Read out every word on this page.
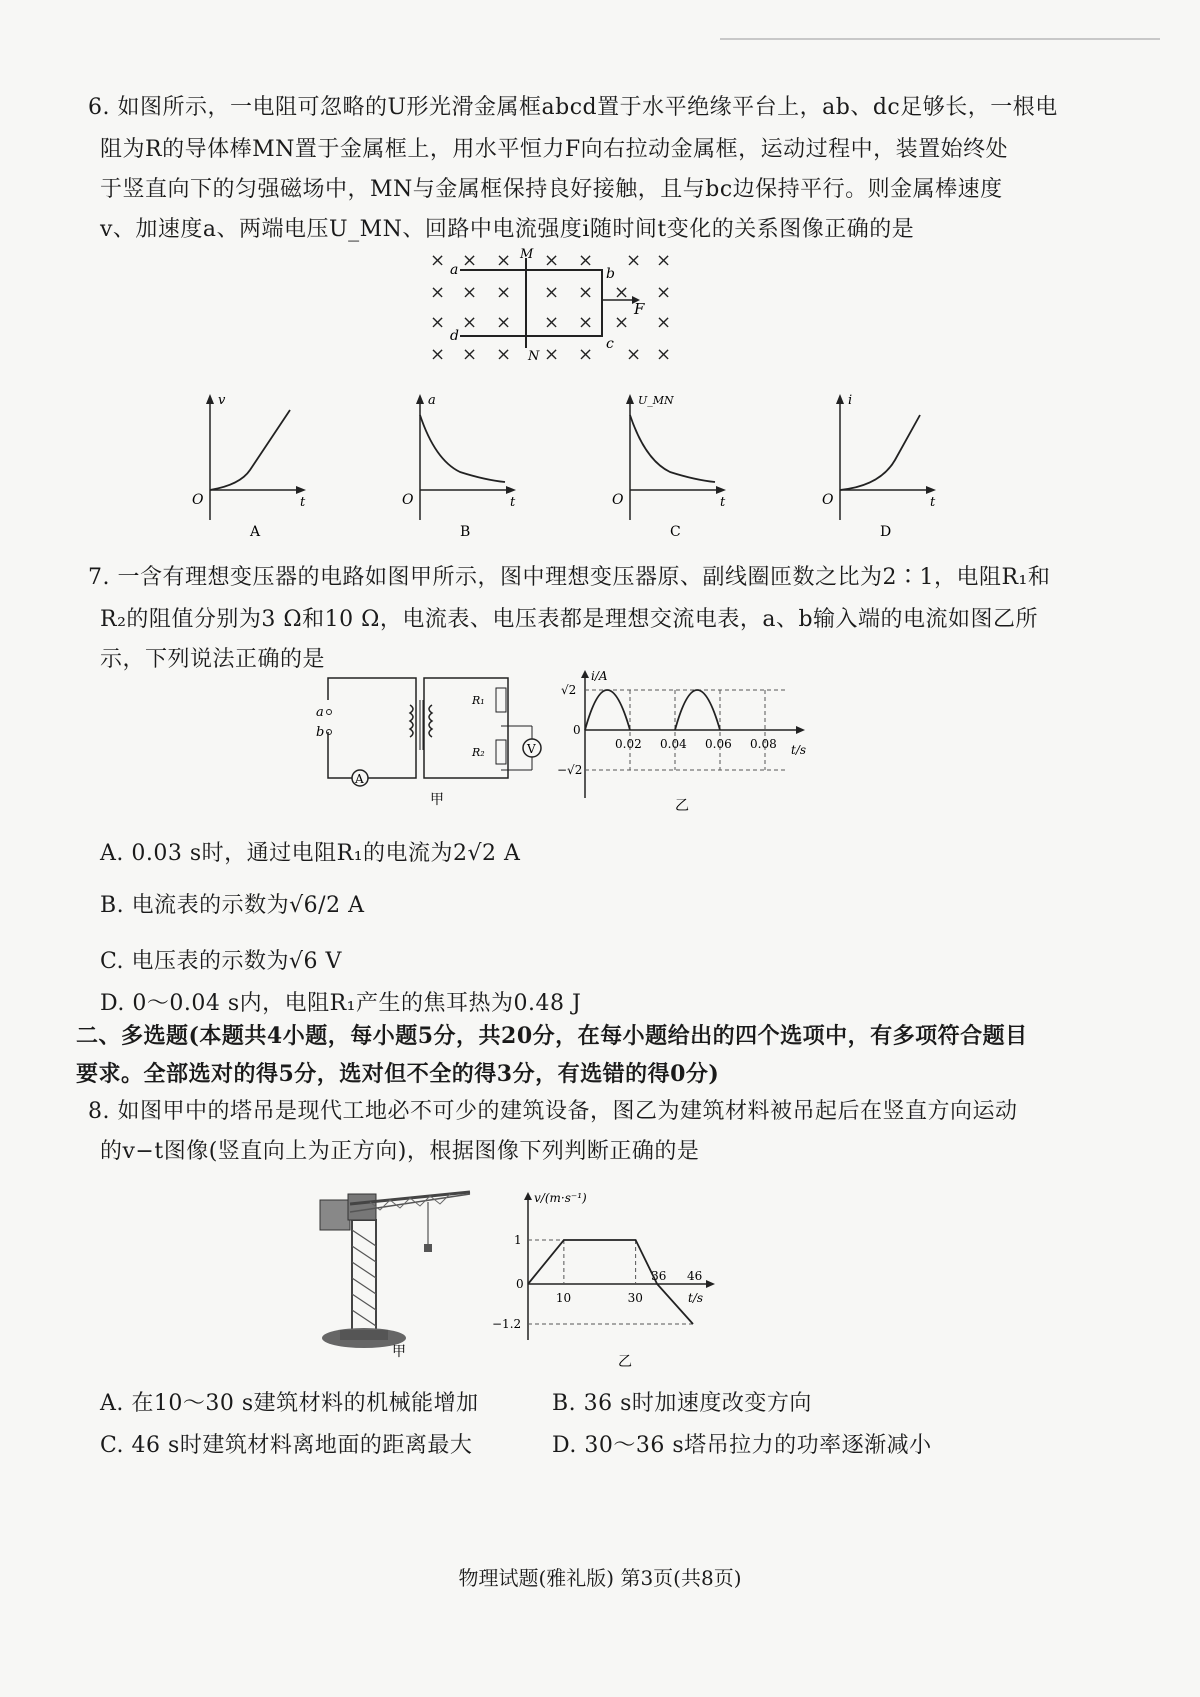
6. 如图所示，一电阻可忽略的U形光滑金属框abcd置于水平绝缘平台上，ab、dc足够长，一根电
阻为R的导体棒MN置于金属框上，用水平恒力F向右拉动金属框，运动过程中，装置始终处
于竖直向下的匀强磁场中，MN与金属框保持良好接触，且与bc边保持平行。则金属棒速度
v、加速度a、两端电压U_MN、回路中电流强度i随时间t变化的关系图像正确的是
× × × × × × ×
× × × × × × ×
× × × × × × ×
× × × × × × ×
a	b
c
d
M
N
F
v
t
O
A
a
t
O
B
U_MN
t
O
C
i
t
O
D
7. 一含有理想变压器的电路如图甲所示，图中理想变压器原、副线圈匝数之比为2∶1，电阻R₁和
R₂的阻值分别为3 Ω和10 Ω，电流表、电压表都是理想交流电表，a、b输入端的电流如图乙所
示，下列说法正确的是
a
b
A
R₁
R₂	V
甲
i/A
t/s
√2
−√2
0
0.02 0.04 0.06 0.08
乙
A. 0.03 s时，通过电阻R₁的电流为2√2 A
B. 电流表的示数为√6/2 A
C. 电压表的示数为√6 V
D. 0～0.04 s内，电阻R₁产生的焦耳热为0.48 J
二、多选题(本题共4小题，每小题5分，共20分，在每小题给出的四个选项中，有多项符合题目
要求。全部选对的得5分，选对但不全的得3分，有选错的得0分)
8. 如图甲中的塔吊是现代工地必不可少的建筑设备，图乙为建筑材料被吊起后在竖直方向运动
的v−t图像(竖直向上为正方向)，根据图像下列判断正确的是
甲
v/(m·s⁻¹)
t/s
0
10	30
36 46
1
−1.2
乙
A. 在10～30 s建筑材料的机械能增加	B. 36 s时加速度改变方向
C. 46 s时建筑材料离地面的距离最大	D. 30～36 s塔吊拉力的功率逐渐减小
物理试题(雅礼版) 第3页(共8页)
